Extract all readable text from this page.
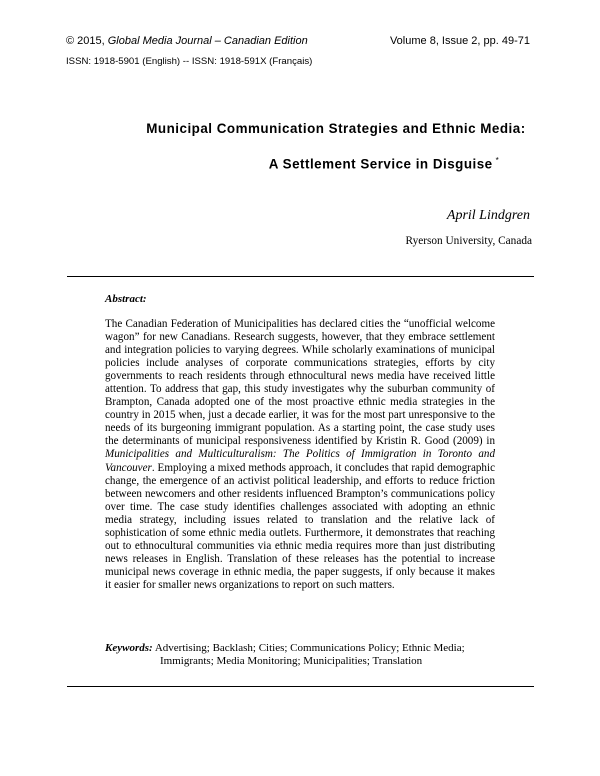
© 2015, Global Media Journal – Canadian Edition	Volume 8, Issue 2, pp. 49-71
ISSN: 1918-5901 (English) -- ISSN: 1918-591X (Français)
Municipal Communication Strategies and Ethnic Media:
A Settlement Service in Disguise *
April Lindgren
Ryerson University, Canada
Abstract:

The Canadian Federation of Municipalities has declared cities the “unofficial welcome wagon” for new Canadians. Research suggests, however, that they embrace settlement and integration policies to varying degrees. While scholarly examinations of municipal policies include analyses of corporate communications strategies, efforts by city governments to reach residents through ethnocultural news media have received little attention. To address that gap, this study investigates why the suburban community of Brampton, Canada adopted one of the most proactive ethnic media strategies in the country in 2015 when, just a decade earlier, it was for the most part unresponsive to the needs of its burgeoning immigrant population. As a starting point, the case study uses the determinants of municipal responsiveness identified by Kristin R. Good (2009) in Municipalities and Multiculturalism: The Politics of Immigration in Toronto and Vancouver. Employing a mixed methods approach, it concludes that rapid demographic change, the emergence of an activist political leadership, and efforts to reduce friction between newcomers and other residents influenced Brampton’s communications policy over time. The case study identifies challenges associated with adopting an ethnic media strategy, including issues related to translation and the relative lack of sophistication of some ethnic media outlets. Furthermore, it demonstrates that reaching out to ethnocultural communities via ethnic media requires more than just distributing news releases in English. Translation of these releases has the potential to increase municipal news coverage in ethnic media, the paper suggests, if only because it makes it easier for smaller news organizations to report on such matters.

Keywords: Advertising; Backlash; Cities; Communications Policy; Ethnic Media;
Immigrants; Media Monitoring; Municipalities; Translation
